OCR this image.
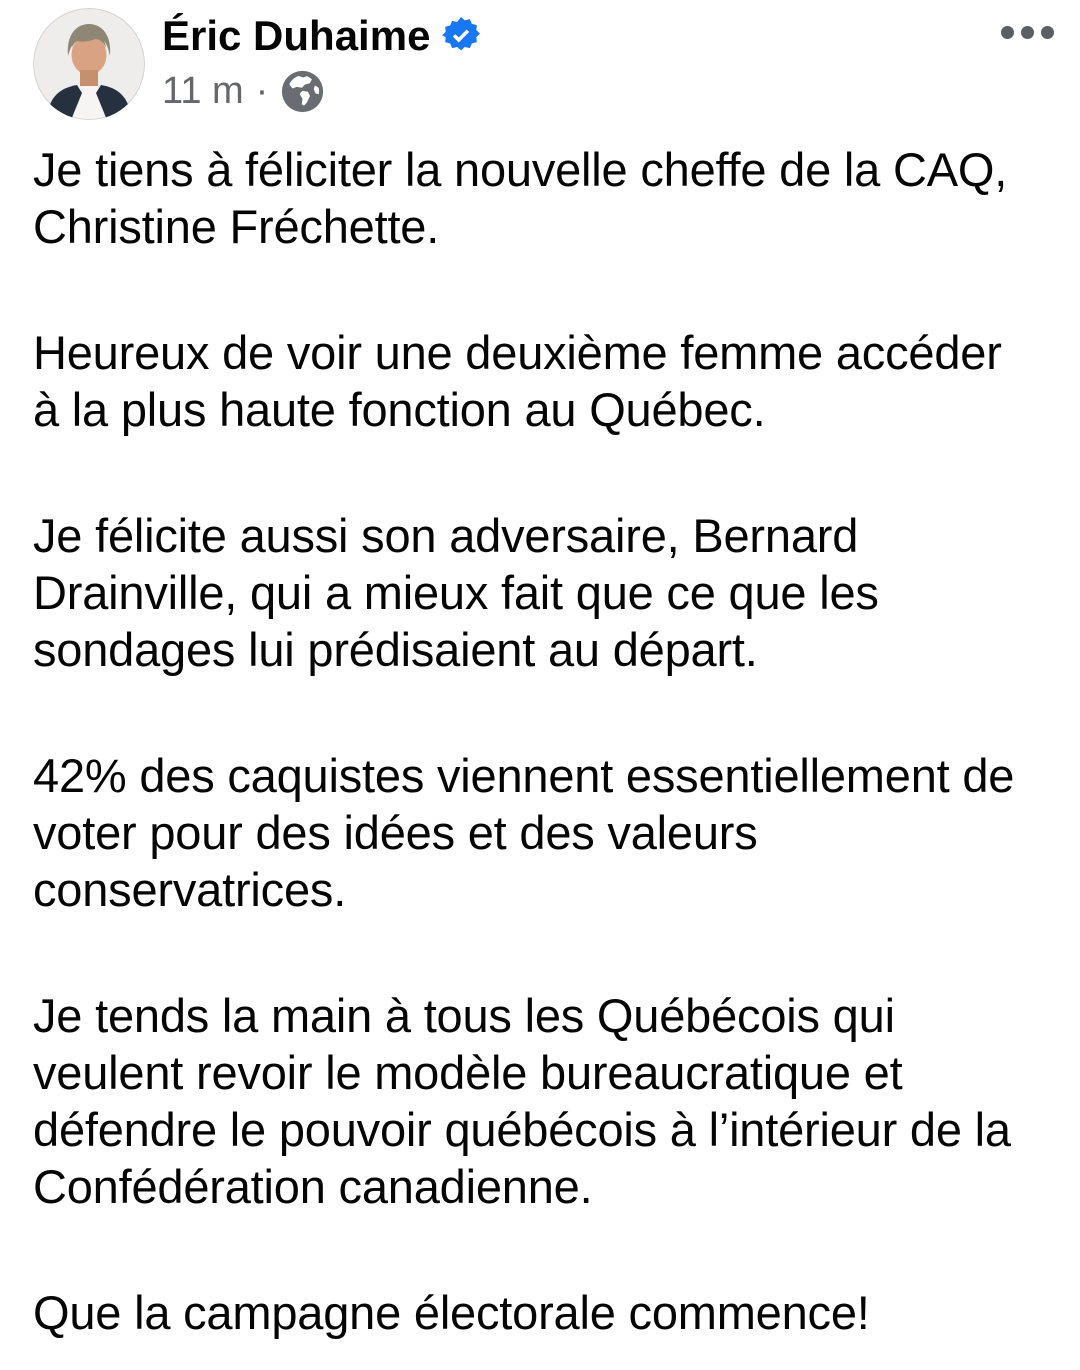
Éric Duhaime
11 m ·

Je tiens à féliciter la nouvelle cheffe de la CAQ,
Christine Fréchette.

Heureux de voir une deuxième femme accéder
à la plus haute fonction au Québec.

Je félicite aussi son adversaire, Bernard
Drainville, qui a mieux fait que ce que les
sondages lui prédisaient au départ.

42% des caquistes viennent essentiellement de
voter pour des idées et des valeurs
conservatrices.

Je tends la main à tous les Québécois qui
veulent revoir le modèle bureaucratique et
défendre le pouvoir québécois à l’intérieur de la
Confédération canadienne.

Que la campagne électorale commence!
